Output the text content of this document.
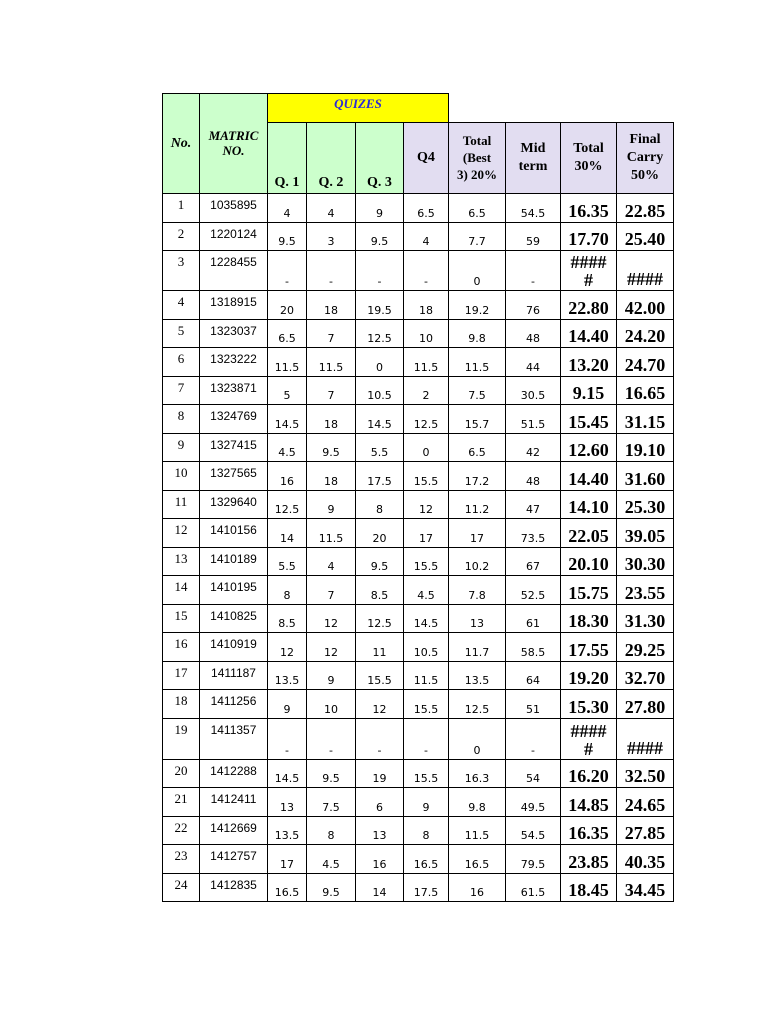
No.	MATRIC NO.	QUIZES							
		Q. 1	Q. 2	Q. 3	Q4	Total (Best 3) 20%	Mid term	Total 30%	Final Carry 50%
1	1035895	4	4	9	6.5	6.5	54.5	16.35	22.85
2	1220124	9.5	3	9.5	4	7.7	59	17.70	25.40
3	1228455	-	-	-	-	0	-	#####	####
4	1318915	20	18	19.5	18	19.2	76	22.80	42.00
5	1323037	6.5	7	12.5	10	9.8	48	14.40	24.20
6	1323222	11.5	11.5	0	11.5	11.5	44	13.20	24.70
7	1323871	5	7	10.5	2	7.5	30.5	9.15	16.65
8	1324769	14.5	18	14.5	12.5	15.7	51.5	15.45	31.15
9	1327415	4.5	9.5	5.5	0	6.5	42	12.60	19.10
10	1327565	16	18	17.5	15.5	17.2	48	14.40	31.60
11	1329640	12.5	9	8	12	11.2	47	14.10	25.30
12	1410156	14	11.5	20	17	17	73.5	22.05	39.05
13	1410189	5.5	4	9.5	15.5	10.2	67	20.10	30.30
14	1410195	8	7	8.5	4.5	7.8	52.5	15.75	23.55
15	1410825	8.5	12	12.5	14.5	13	61	18.30	31.30
16	1410919	12	12	11	10.5	11.7	58.5	17.55	29.25
17	1411187	13.5	9	15.5	11.5	13.5	64	19.20	32.70
18	1411256	9	10	12	15.5	12.5	51	15.30	27.80
19	1411357	-	-	-	-	0	-	#####	####
20	1412288	14.5	9.5	19	15.5	16.3	54	16.20	32.50
21	1412411	13	7.5	6	9	9.8	49.5	14.85	24.65
22	1412669	13.5	8	13	8	11.5	54.5	16.35	27.85
23	1412757	17	4.5	16	16.5	16.5	79.5	23.85	40.35
24	1412835	16.5	9.5	14	17.5	16	61.5	18.45	34.45
